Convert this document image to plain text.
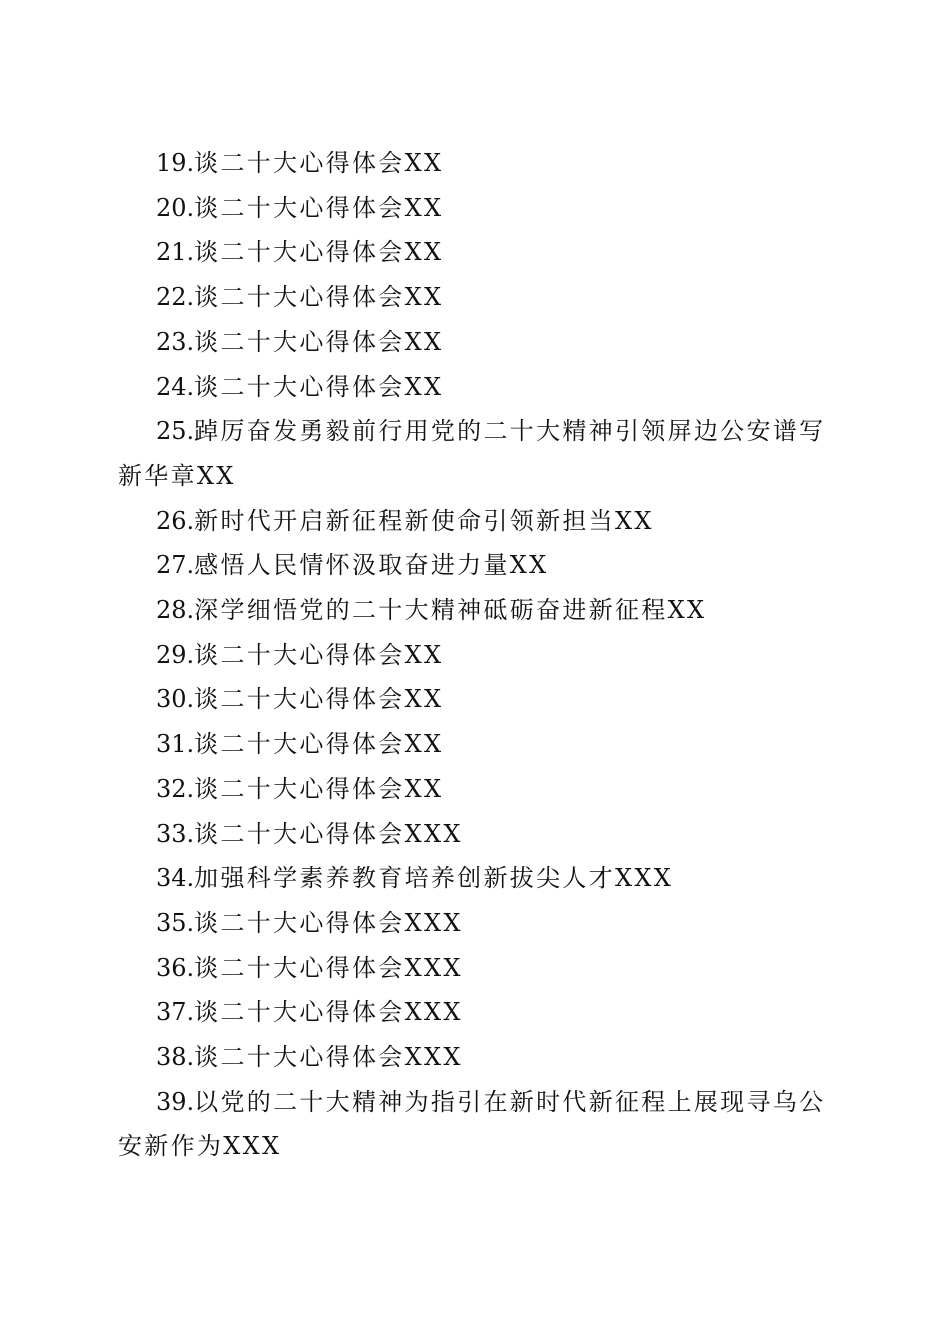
19.谈二十大心得体会XX
20.谈二十大心得体会XX
21.谈二十大心得体会XX
22.谈二十大心得体会XX
23.谈二十大心得体会XX
24.谈二十大心得体会XX
25.踔厉奋发勇毅前行用党的二十大精神引领屏边公安谱写新华章XX
26.新时代开启新征程新使命引领新担当XX
27.感悟人民情怀汲取奋进力量XX
28.深学细悟党的二十大精神砥砺奋进新征程XX
29.谈二十大心得体会XX
30.谈二十大心得体会XX
31.谈二十大心得体会XX
32.谈二十大心得体会XX
33.谈二十大心得体会XXX
34.加强科学素养教育培养创新拔尖人才XXX
35.谈二十大心得体会XXX
36.谈二十大心得体会XXX
37.谈二十大心得体会XXX
38.谈二十大心得体会XXX
39.以党的二十大精神为指引在新时代新征程上展现寻乌公安新作为XXX
